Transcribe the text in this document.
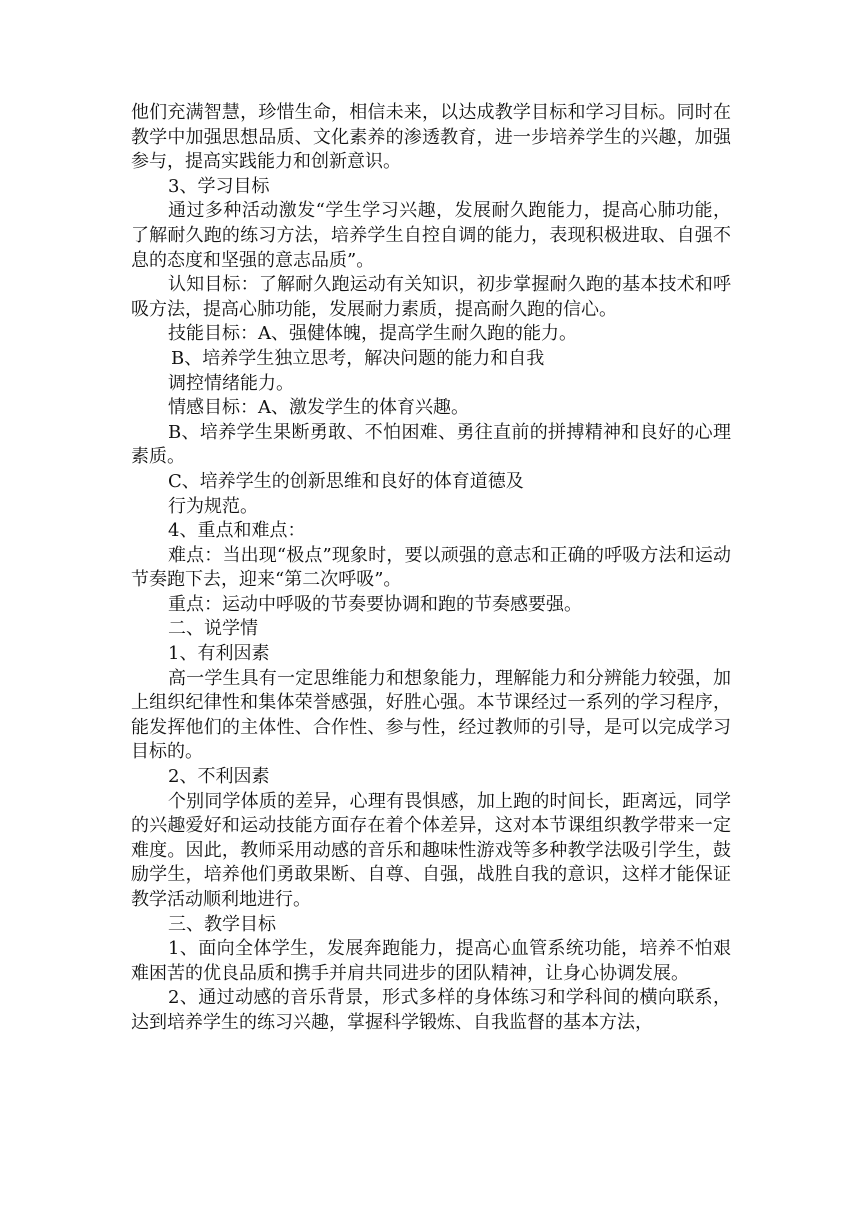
他们充满智慧，珍惜生命，相信未来，以达成教学目标和学习目标。同时在教学中加强思想品质、文化素养的渗透教育，进一步培养学生的兴趣，加强参与，提高实践能力和创新意识。

3、学习目标

通过多种活动激发“学生学习兴趣，发展耐久跑能力，提高心肺功能，了解耐久跑的练习方法，培养学生自控自调的能力，表现积极进取、自强不息的态度和坚强的意志品质”。

认知目标：了解耐久跑运动有关知识，初步掌握耐久跑的基本技术和呼吸方法，提高心肺功能，发展耐力素质，提高耐久跑的信心。

技能目标：A、强健体魄，提高学生耐久跑的能力。

B、培养学生独立思考，解决问题的能力和自我

调控情绪能力。

情感目标：A、激发学生的体育兴趣。

B、培养学生果断勇敢、不怕困难、勇往直前的拼搏精神和良好的心理素质。

C、培养学生的创新思维和良好的体育道德及

行为规范。

4、重点和难点：

难点：当出现“极点”现象时，要以顽强的意志和正确的呼吸方法和运动节奏跑下去，迎来“第二次呼吸”。

重点：运动中呼吸的节奏要协调和跑的节奏感要强。

二、说学情

1、有利因素

高一学生具有一定思维能力和想象能力，理解能力和分辨能力较强，加上组织纪律性和集体荣誉感强，好胜心强。本节课经过一系列的学习程序，能发挥他们的主体性、合作性、参与性，经过教师的引导，是可以完成学习目标的。

2、不利因素

个别同学体质的差异，心理有畏惧感，加上跑的时间长，距离远，同学的兴趣爱好和运动技能方面存在着个体差异，这对本节课组织教学带来一定难度。因此，教师采用动感的音乐和趣味性游戏等多种教学法吸引学生，鼓励学生，培养他们勇敢果断、自尊、自强，战胜自我的意识，这样才能保证教学活动顺利地进行。

三、教学目标

1、面向全体学生，发展奔跑能力，提高心血管系统功能，培养不怕艰难困苦的优良品质和携手并肩共同进步的团队精神，让身心协调发展。

2、通过动感的音乐背景，形式多样的身体练习和学科间的横向联系，达到培养学生的练习兴趣，掌握科学锻炼、自我监督的基本方法，
